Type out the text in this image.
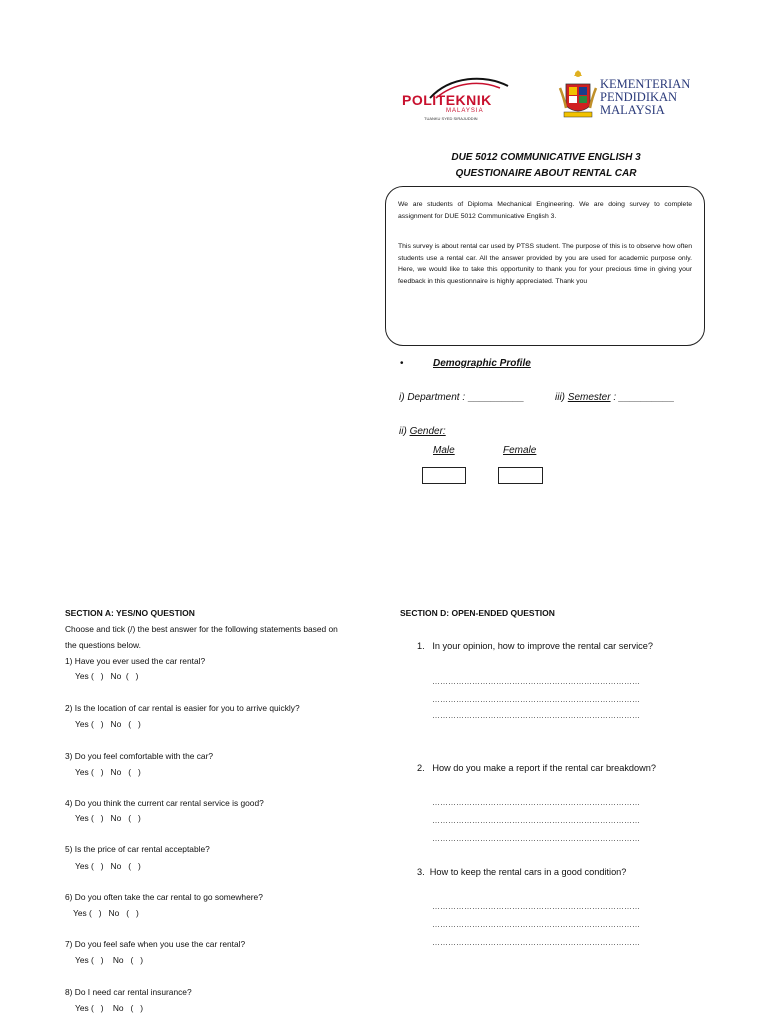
POLITEKNIK
MALAYSIA
TUANKU SYED SIRAJUDDIN
KEMENTERIAN
PENDIDIKAN
MALAYSIA
DUE 5012 COMMUNICATIVE ENGLISH 3
QUESTIONAIRE ABOUT RENTAL CAR

We are students of Diploma Mechanical Engineering. We are doing survey to complete assignment for DUE 5012 Communicative English 3.

This survey is about rental car used by PTSS student. The purpose of this is to observe how often students use a rental car. All the answer provided by you are used for academic purpose only. Here, we would like to take this opportunity to thank you for your precious time in giving your feedback in this questionnaire is highly appreciated. Thank you

•	Demographic Profile
i) Department : __________	iii) Semester : __________
ii) Gender:
Male	Female
SECTION A: YES/NO QUESTION
Choose and tick (/) the best answer for the following statements based on
the questions below.
1) Have you ever used the car rental?
Yes (   )   No  (   )
2) Is the location of car rental is easier for you to arrive quickly?
Yes (   )   No   (   )
3) Do you feel comfortable with the car?
Yes (   )   No   (   )
4) Do you think the current car rental service is good?
Yes (   )   No   (   )
5) Is the price of car rental acceptable?
Yes (   )   No   (   )
6) Do you often take the car rental to go somewhere?
Yes (   )   No   (   )
7) Do you feel safe when you use the car rental?
Yes (   )    No   (   )
8) Do I need car rental insurance?
Yes (   )    No   (   )
SECTION D: OPEN-ENDED QUESTION
1.   In your opinion, how to improve the rental car service?
……………………………………………………………………
……………………………………………………………………
……………………………………………………………………
2.   How do you make a report if the rental car breakdown?
……………………………………………………………………
……………………………………………………………………
……………………………………………………………………
3.  How to keep the rental cars in a good condition?
……………………………………………………………………
……………………………………………………………………
……………………………………………………………………
